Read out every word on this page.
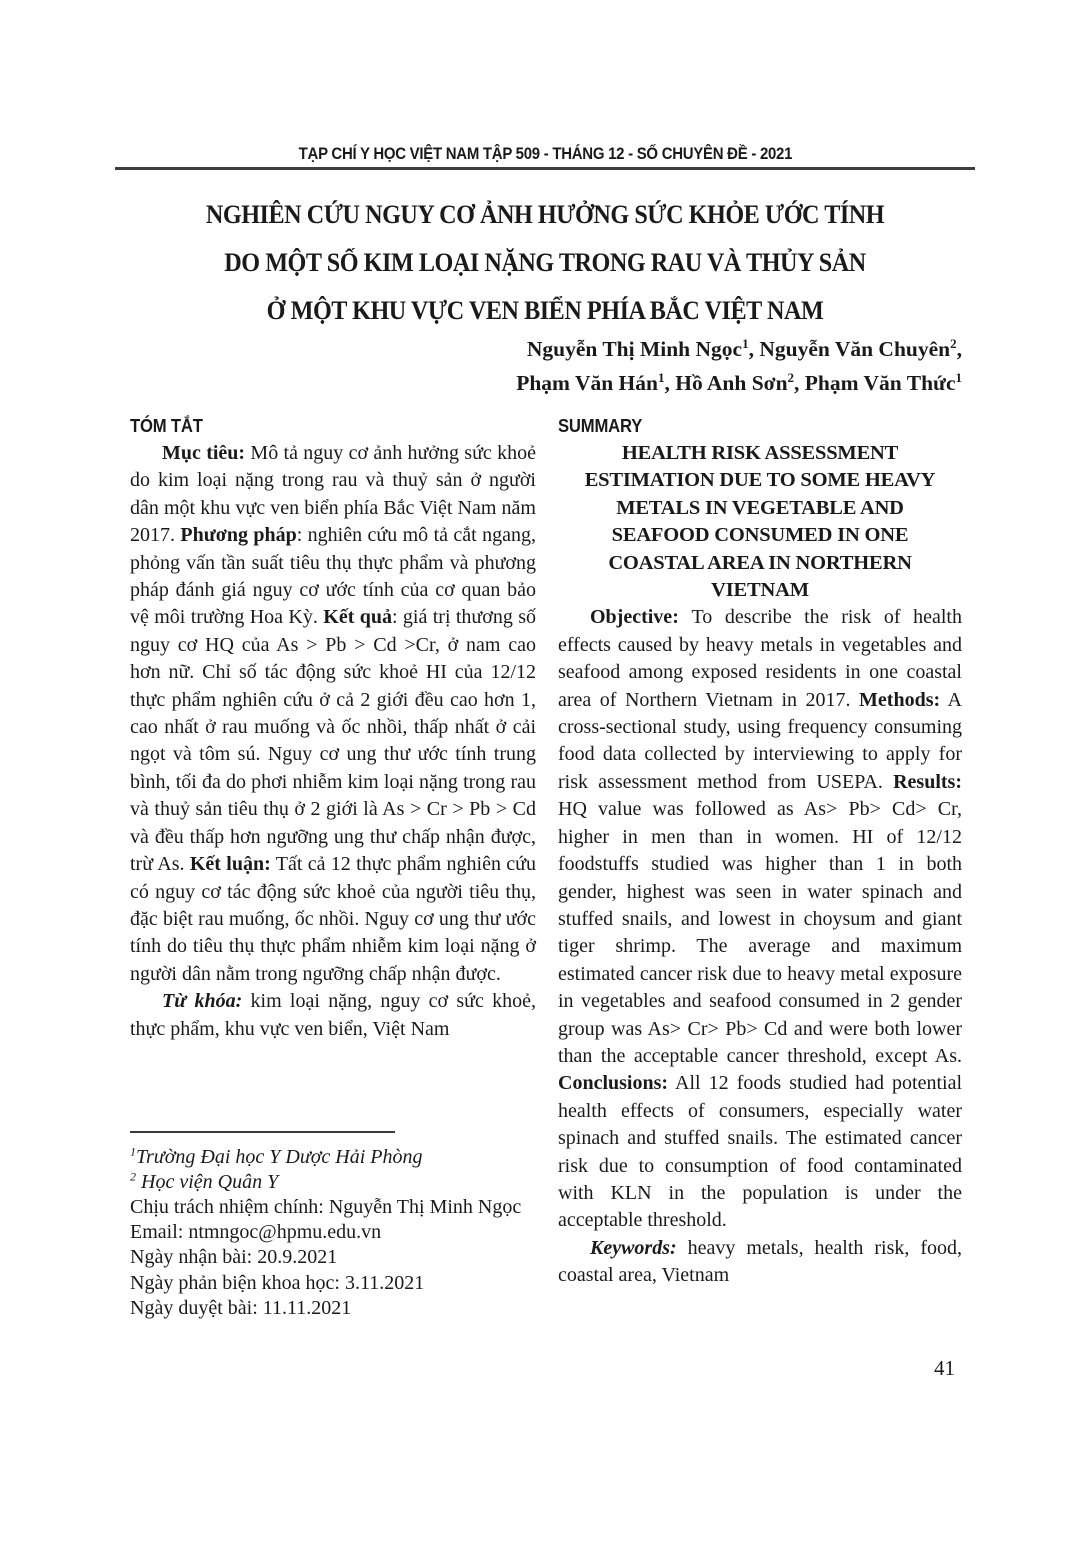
TẠP CHÍ Y HỌC VIỆT NAM TẬP 509 - THÁNG 12 - SỐ CHUYÊN ĐỀ - 2021
NGHIÊN CỨU NGUY CƠ ẢNH HƯỞNG SỨC KHỎE ƯỚC TÍNH
DO MỘT SỐ KIM LOẠI NẶNG TRONG RAU VÀ THỦY SẢN
Ở MỘT KHU VỰC VEN BIỂN PHÍA BẮC VIỆT NAM
Nguyễn Thị Minh Ngọc$^1$, Nguyễn Văn Chuyên$^2$,
Phạm Văn Hán$^1$, Hồ Anh Sơn$^2$, Phạm Văn Thức$^1$
TÓM TẮT

Mục tiêu: Mô tả nguy cơ ảnh hưởng sức khoẻ do kim loại nặng trong rau và thuỷ sản ở người dân một khu vực ven biển phía Bắc Việt Nam năm 2017. Phương pháp: nghiên cứu mô tả cắt ngang, phỏng vấn tần suất tiêu thụ thực phẩm và phương pháp đánh giá nguy cơ ước tính của cơ quan bảo vệ môi trường Hoa Kỳ. Kết quả: giá trị thương số nguy cơ HQ của As > Pb > Cd >Cr, ở nam cao hơn nữ. Chỉ số tác động sức khoẻ HI của 12/12 thực phẩm nghiên cứu ở cả 2 giới đều cao hơn 1, cao nhất ở rau muống và ốc nhồi, thấp nhất ở cải ngọt và tôm sú. Nguy cơ ung thư ước tính trung bình, tối đa do phơi nhiễm kim loại nặng trong rau và thuỷ sản tiêu thụ ở 2 giới là As > Cr > Pb > Cd và đều thấp hơn ngưỡng ung thư chấp nhận được, trừ As. Kết luận: Tất cả 12 thực phẩm nghiên cứu có nguy cơ tác động sức khoẻ của người tiêu thụ, đặc biệt rau muống, ốc nhồi. Nguy cơ ung thư ước tính do tiêu thụ thực phẩm nhiễm kim loại nặng ở người dân nằm trong ngưỡng chấp nhận được.

Từ khóa: kim loại nặng, nguy cơ sức khoẻ, thực phẩm, khu vực ven biển, Việt Nam

SUMMARY
HEALTH RISK ASSESSMENT
ESTIMATION DUE TO SOME HEAVY
METALS IN VEGETABLE AND
SEAFOOD CONSUMED IN ONE
COASTAL AREA IN NORTHERN
VIETNAM

Objective: To describe the risk of health effects caused by heavy metals in vegetables and seafood among exposed residents in one coastal area of Northern Vietnam in 2017. Methods: A cross-sectional study, using frequency consuming food data collected by interviewing to apply for risk assessment method from USEPA. Results: HQ value was followed as As> Pb> Cd> Cr, higher in men than in women. HI of 12/12 foodstuffs studied was higher than 1 in both gender, highest was seen in water spinach and stuffed snails, and lowest in choysum and giant tiger shrimp. The average and maximum estimated cancer risk due to heavy metal exposure in vegetables and seafood consumed in 2 gender group was As> Cr> Pb> Cd and were both lower than the acceptable cancer threshold, except As. Conclusions: All 12 foods studied had potential health effects of consumers, especially water spinach and stuffed snails. The estimated cancer risk due to consumption of food contaminated with KLN in the population is under the acceptable threshold.

Keywords: heavy metals, health risk, food, coastal area, Vietnam

$^1$Trường Đại học Y Dược Hải Phòng
$^2$ Học viện Quân Y
Chịu trách nhiệm chính: Nguyễn Thị Minh Ngọc
Email: ntmngoc@hpmu.edu.vn
Ngày nhận bài: 20.9.2021
Ngày phản biện khoa học: 3.11.2021
Ngày duyệt bài: 11.11.2021
41
